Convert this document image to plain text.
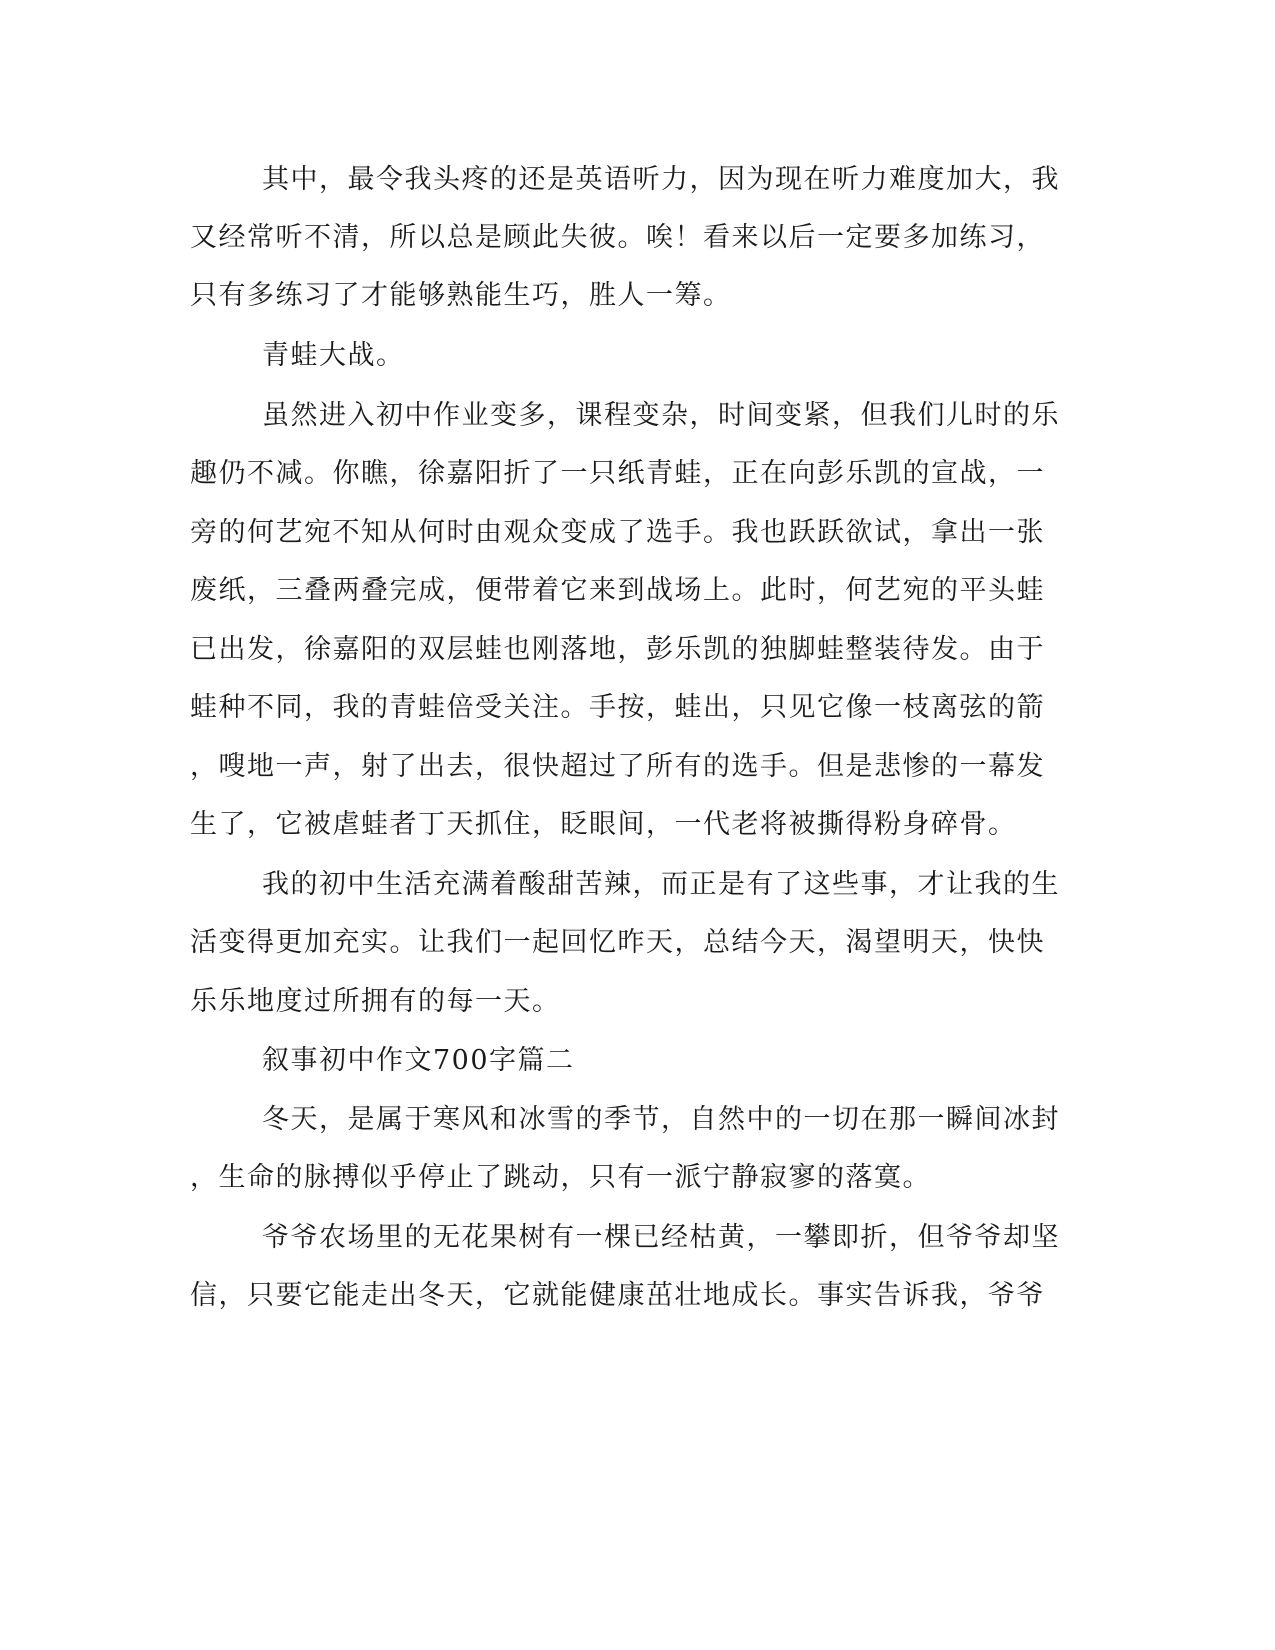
其中，最令我头疼的还是英语听力，因为现在听力难度加大，我
又经常听不清，所以总是顾此失彼。唉！看来以后一定要多加练习，
只有多练习了才能够熟能生巧，胜人一筹。
青蛙大战。
虽然进入初中作业变多，课程变杂，时间变紧，但我们儿时的乐
趣仍不减。你瞧，徐嘉阳折了一只纸青蛙，正在向彭乐凯的宣战，一
旁的何艺宛不知从何时由观众变成了选手。我也跃跃欲试，拿出一张
废纸，三叠两叠完成，便带着它来到战场上。此时，何艺宛的平头蛙
已出发，徐嘉阳的双层蛙也刚落地，彭乐凯的独脚蛙整装待发。由于
蛙种不同，我的青蛙倍受关注。手按，蛙出，只见它像一枝离弦的箭
，嗖地一声，射了出去，很快超过了所有的选手。但是悲惨的一幕发
生了，它被虐蛙者丁天抓住，眨眼间，一代老将被撕得粉身碎骨。
我的初中生活充满着酸甜苦辣，而正是有了这些事，才让我的生
活变得更加充实。让我们一起回忆昨天，总结今天，渴望明天，快快
乐乐地度过所拥有的每一天。
叙事初中作文700字篇二
冬天，是属于寒风和冰雪的季节，自然中的一切在那一瞬间冰封
，生命的脉搏似乎停止了跳动，只有一派宁静寂寥的落寞。
爷爷农场里的无花果树有一棵已经枯黄，一攀即折，但爷爷却坚
信，只要它能走出冬天，它就能健康茁壮地成长。事实告诉我，爷爷
